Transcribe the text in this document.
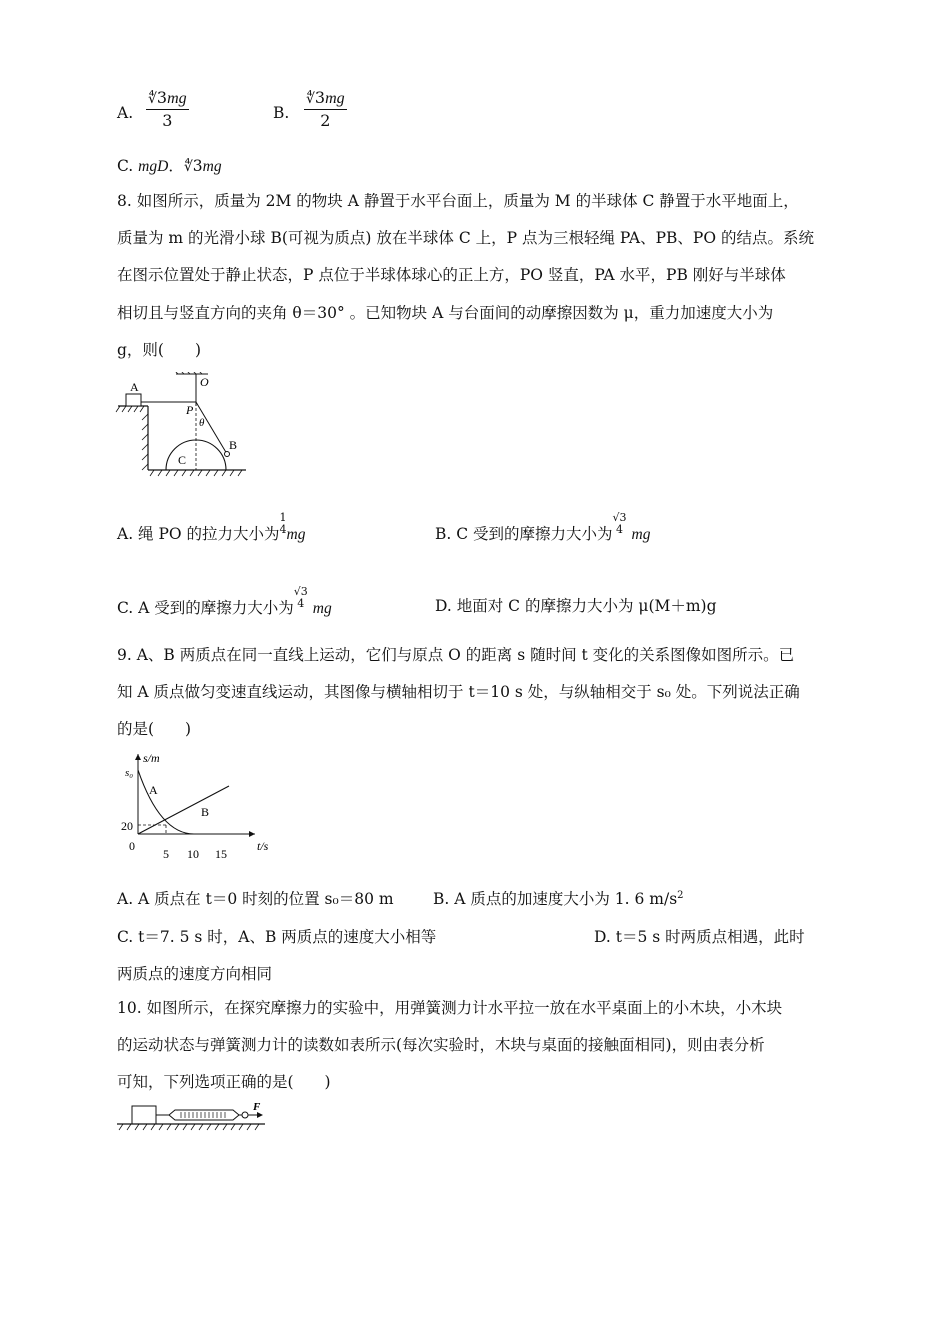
A. $\frac{∜3mg}{3}$	B. $\frac{∜3mg}{2}$
C. mgD．∜3mg
8. 如图所示，质量为 2M 的物块 A 静置于水平台面上，质量为 M 的半球体 C 静置于水平地面上，
质量为 m 的光滑小球 B(可视为质点) 放在半球体 C 上，P 点为三根轻绳 PA、PB、PO 的结点。系统
在图示位置处于静止状态，P 点位于半球体球心的正上方，PO 竖直，PA 水平，PB 刚好与半球体
相切且与竖直方向的夹角 θ＝30° 。已知物块 A 与台面间的动摩擦因数为 μ，重力加速度大小为
g，则(　　)
O
A
P
θ
C
B
A. 绳 PO 的拉力大小为
1
4 mg	B. C 受到的摩擦力大小为
√3
4 mg
C. A 受到的摩擦力大小为
√3
4 mg	D. 地面对 C 的摩擦力大小为 μ(M＋m)g
9. A、B 两质点在同一直线上运动，它们与原点 O 的距离 s 随时间 t 变化的关系图像如图所示。已
知 A 质点做匀变速直线运动，其图像与横轴相切于 t＝10 s 处，与纵轴相交于 s₀ 处。下列说法正确
的是(　　)
s/m
t/s
s₀
20
0
5 10 15
A
B
A. A 质点在 t＝0 时刻的位置 s₀＝80 m	B. A 质点的加速度大小为 1. 6 $m/s^2$
C. t＝7. 5 s 时，A、B 两质点的速度大小相等	D. t＝5 s 时两质点相遇，此时
两质点的速度方向相同
10. 如图所示，在探究摩擦力的实验中，用弹簧测力计水平拉一放在水平桌面上的小木块，小木块
的运动状态与弹簧测力计的读数如表所示(每次实验时，木块与桌面的接触面相同)，则由表分析
可知，下列选项正确的是(　　)
F
